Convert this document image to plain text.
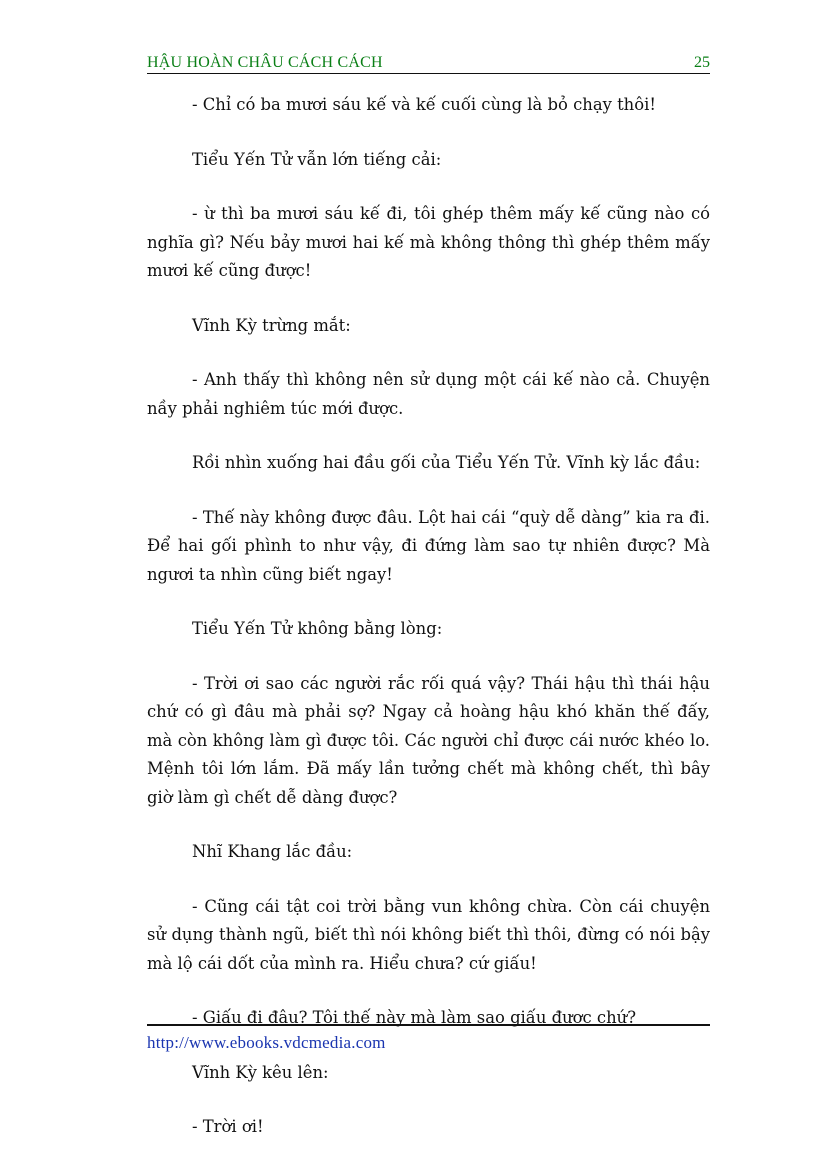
HẬU HOÀN CHÂU CÁCH CÁCH	25

- Chỉ có ba mươi sáu kế và kế cuối cùng là bỏ chạy thôi!

Tiểu Yến Tử vẫn lớn tiếng cải:

- ừ thì ba mươi sáu kế đi, tôi ghép thêm mấy kế cũng nào có nghĩa gì? Nếu bảy mươi hai kế mà không thông thì ghép thêm mấy mươi kế cũng được!

Vĩnh Kỳ trừng mắt:

- Anh thấy thì không nên sử dụng một cái kế nào cả. Chuyện nầy phải nghiêm túc mới được.

Rồi nhìn xuống hai đầu gối của Tiểu Yến Tử. Vĩnh kỳ lắc đầu:

- Thế này không được đâu. Lột hai cái “quỳ dễ dàng” kia ra đi. Để hai gối phình to như vậy, đi đứng làm sao tự nhiên được? Mà ngươi ta nhìn cũng biết ngay!

Tiểu Yến Tử không bằng lòng:

- Trời ơi sao các người rắc rối quá vậy? Thái hậu thì thái hậu chứ có gì đâu mà phải sợ? Ngay cả hoàng hậu khó khăn thế đấy, mà còn không làm gì được tôi. Các người chỉ được cái nước khéo lo. Mệnh tôi lớn lắm. Đã mấy lần tưởng chết mà không chết, thì bây giờ làm gì chết dễ dàng được?

Nhĩ Khang lắc đầu:

- Cũng cái tật coi trời bằng vun không chừa. Còn cái chuyện sử dụng thành ngũ, biết thì nói không biết thì thôi, đừng có nói bậy mà lộ cái dốt của mình ra. Hiểu chưa? cứ giấu!

- Giấu đi đâu? Tôi thế này mà làm sao giấu được chứ?

Vĩnh Kỳ kêu lên:

- Trời ơi!

http://www.ebooks.vdcmedia.com
